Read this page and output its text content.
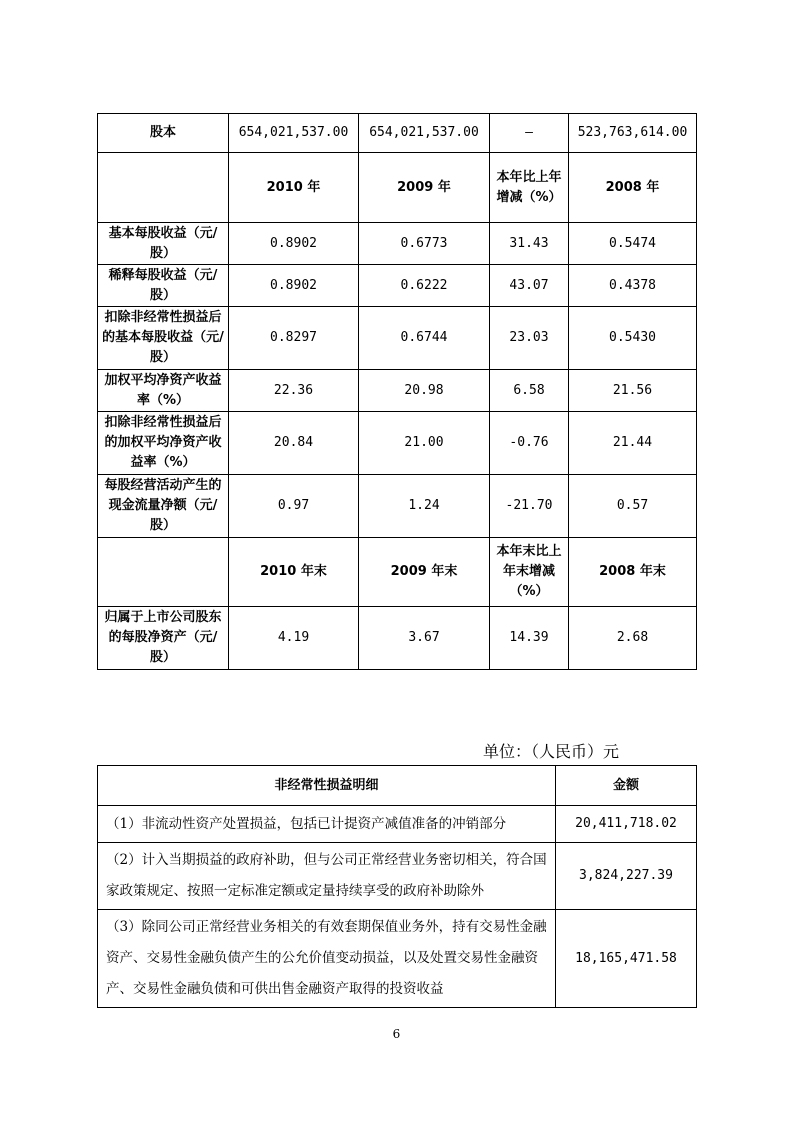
股本	654,021,537.00	654,021,537.00	–	523,763,614.00
	2010 年	2009 年	本年比上年增减（%）	2008 年
基本每股收益（元/股）	0.8902	0.6773	31.43	0.5474
稀释每股收益（元/股）	0.8902	0.6222	43.07	0.4378
扣除非经常性损益后的基本每股收益（元/股）	0.8297	0.6744	23.03	0.5430
加权平均净资产收益率（%）	22.36	20.98	6.58	21.56
扣除非经常性损益后的加权平均净资产收益率（%）	20.84	21.00	-0.76	21.44
每股经营活动产生的现金流量净额（元/股）	0.97	1.24	-21.70	0.57
	2010 年末	2009 年末	本年末比上年末增减（%）	2008 年末
归属于上市公司股东的每股净资产（元/股）	4.19	3.67	14.39	2.68
单位：（人民币）元
非经常性损益明细	金额
（1）非流动性资产处置损益，包括已计提资产减值准备的冲销部分	20,411,718.02
（2）计入当期损益的政府补助，但与公司正常经营业务密切相关，符合国家政策规定、按照一定标准定额或定量持续享受的政府补助除外	3,824,227.39
（3）除同公司正常经营业务相关的有效套期保值业务外，持有交易性金融资产、交易性金融负债产生的公允价值变动损益，以及处置交易性金融资产、交易性金融负债和可供出售金融资产取得的投资收益	18,165,471.58
6
